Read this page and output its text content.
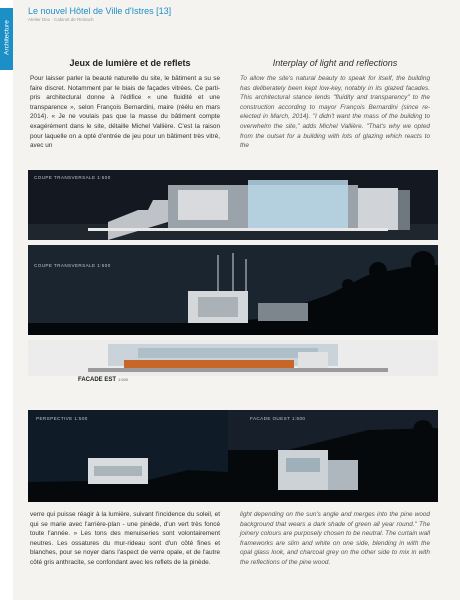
Architecture
Le nouvel Hôtel de Ville d'Istres [13]
Atelier Dex · Cabinet de Reinach
Jeux de lumière et de reflets	Interplay of light and reflections
Pour laisser parler la beauté naturelle du site, le bâtiment a su se faire discret. Notamment par le biais de façades vitrées. Ce parti-pris architectural donne à l'édifice « une fluidité et une transparence », selon François Bernardini, maire (réélu en mars 2014). « Je ne voulais pas que la masse du bâtiment compte exagérément dans le site, détaille Michel Vallière. C'est la raison pour laquelle on a opté d'entrée de jeu pour un bâtiment très vitré, avec un
To allow the site's natural beauty to speak for itself, the building has deliberately been kept low-key, notably in its glazed facades. This architectural stance lends "fluidity and transparency" to the construction according to mayor François Bernardini (since re-elected in March, 2014). "I didn't want the mass of the building to overwhelm the site," adds Michel Vallière. "That's why we opted from the outset for a building with lots of glazing which reacts to the
COUPE TRANSVERSALE 1:500
COUPE TRANSVERSALE 1:500
FACADE EST 1:500
PERSPECTIVE 1:500	FACADE OUEST 1:500
verre qui puisse réagir à la lumière, suivant l'incidence du soleil, et qui se marie avec l'arrière-plan - une pinède, d'un vert très foncé toute l'année. » Les tons des menuiseries sont volontairement neutres. Les ossatures du mur-rideau sont d'un côté fines et blanches, pour se noyer dans l'aspect de verre opale, et de l'autre côté gris anthracite, se confondant avec les reflets de la pinède.
light depending on the sun's angle and merges into the pine wood background that wears a dark shade of green all year round." The joinery colours are purposely chosen to be neutral. The curtain wall frameworks are slim and white on one side, blending in with the opal glass look, and charcoal grey on the other side to mix in with the reflections of the pine wood.
